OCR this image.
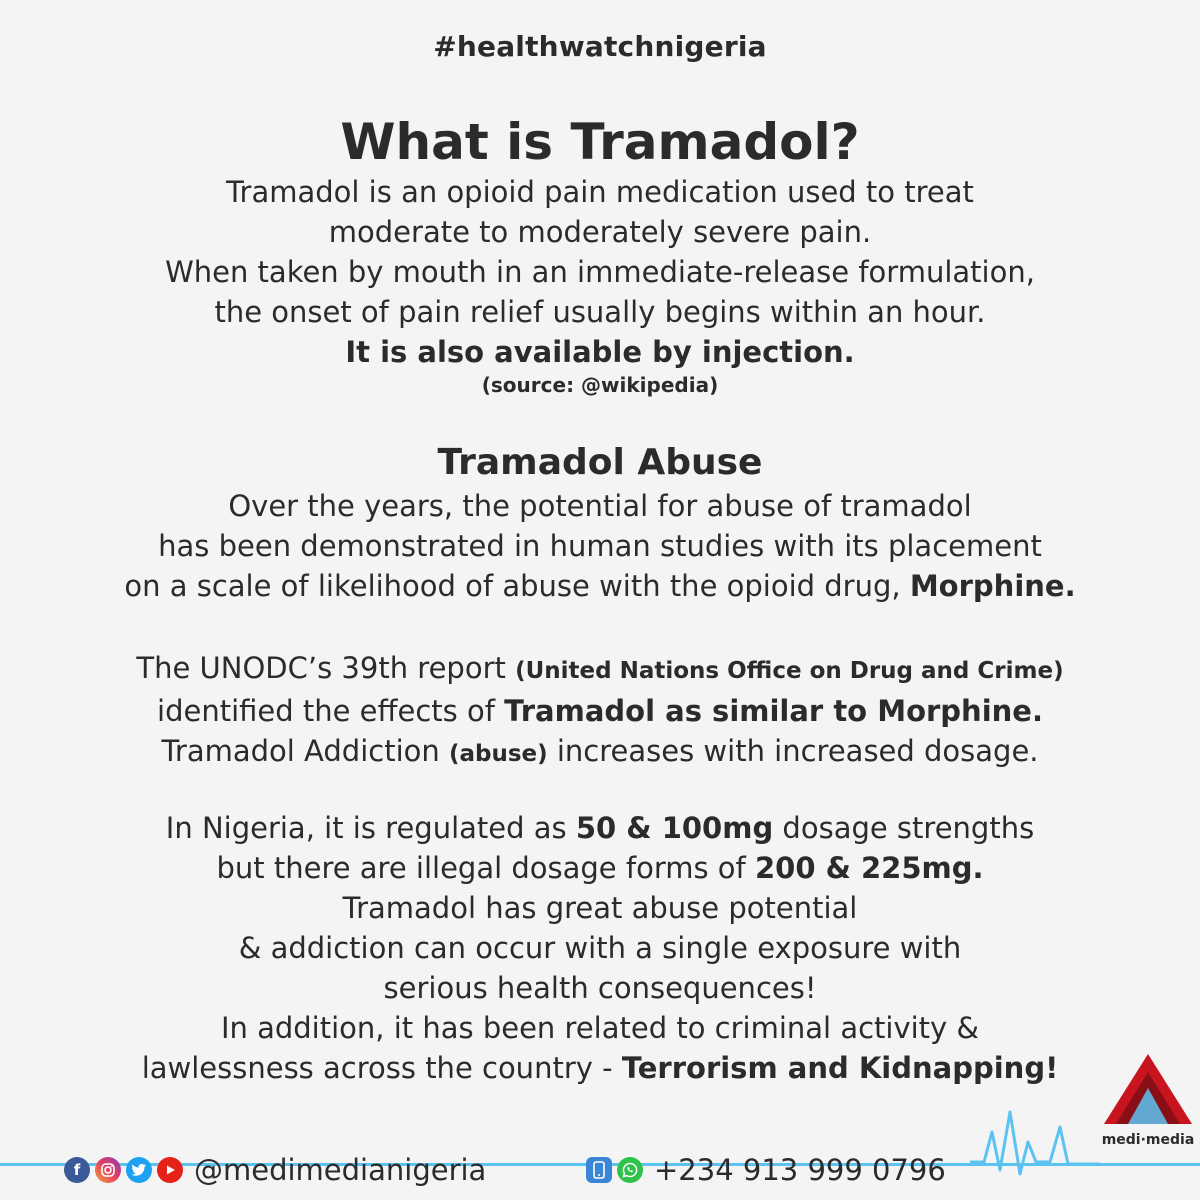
#healthwatchnigeria
What is Tramadol?
Tramadol is an opioid pain medication used to treat
moderate to moderately severe pain.
When taken by mouth in an immediate-release formulation,
the onset of pain relief usually begins within an hour.
It is also available by injection.
(source: @wikipedia)
Tramadol Abuse
Over the years, the potential for abuse of tramadol
has been demonstrated in human studies with its placement
on a scale of likelihood of abuse with the opioid drug, Morphine.
The UNODC’s 39th report (United Nations Office on Drug and Crime)
identified the effects of Tramadol as similar to Morphine.
Tramadol Addiction (abuse) increases with increased dosage.
In Nigeria, it is regulated as 50 & 100mg dosage strengths
but there are illegal dosage forms of 200 & 225mg.
Tramadol has great abuse potential
& addiction can occur with a single exposure with
serious health consequences!
In addition, it has been related to criminal activity &
lawlessness across the country - Terrorism and Kidnapping!
medi·media
f	@medimedianigeria	+234 913 999 0796
